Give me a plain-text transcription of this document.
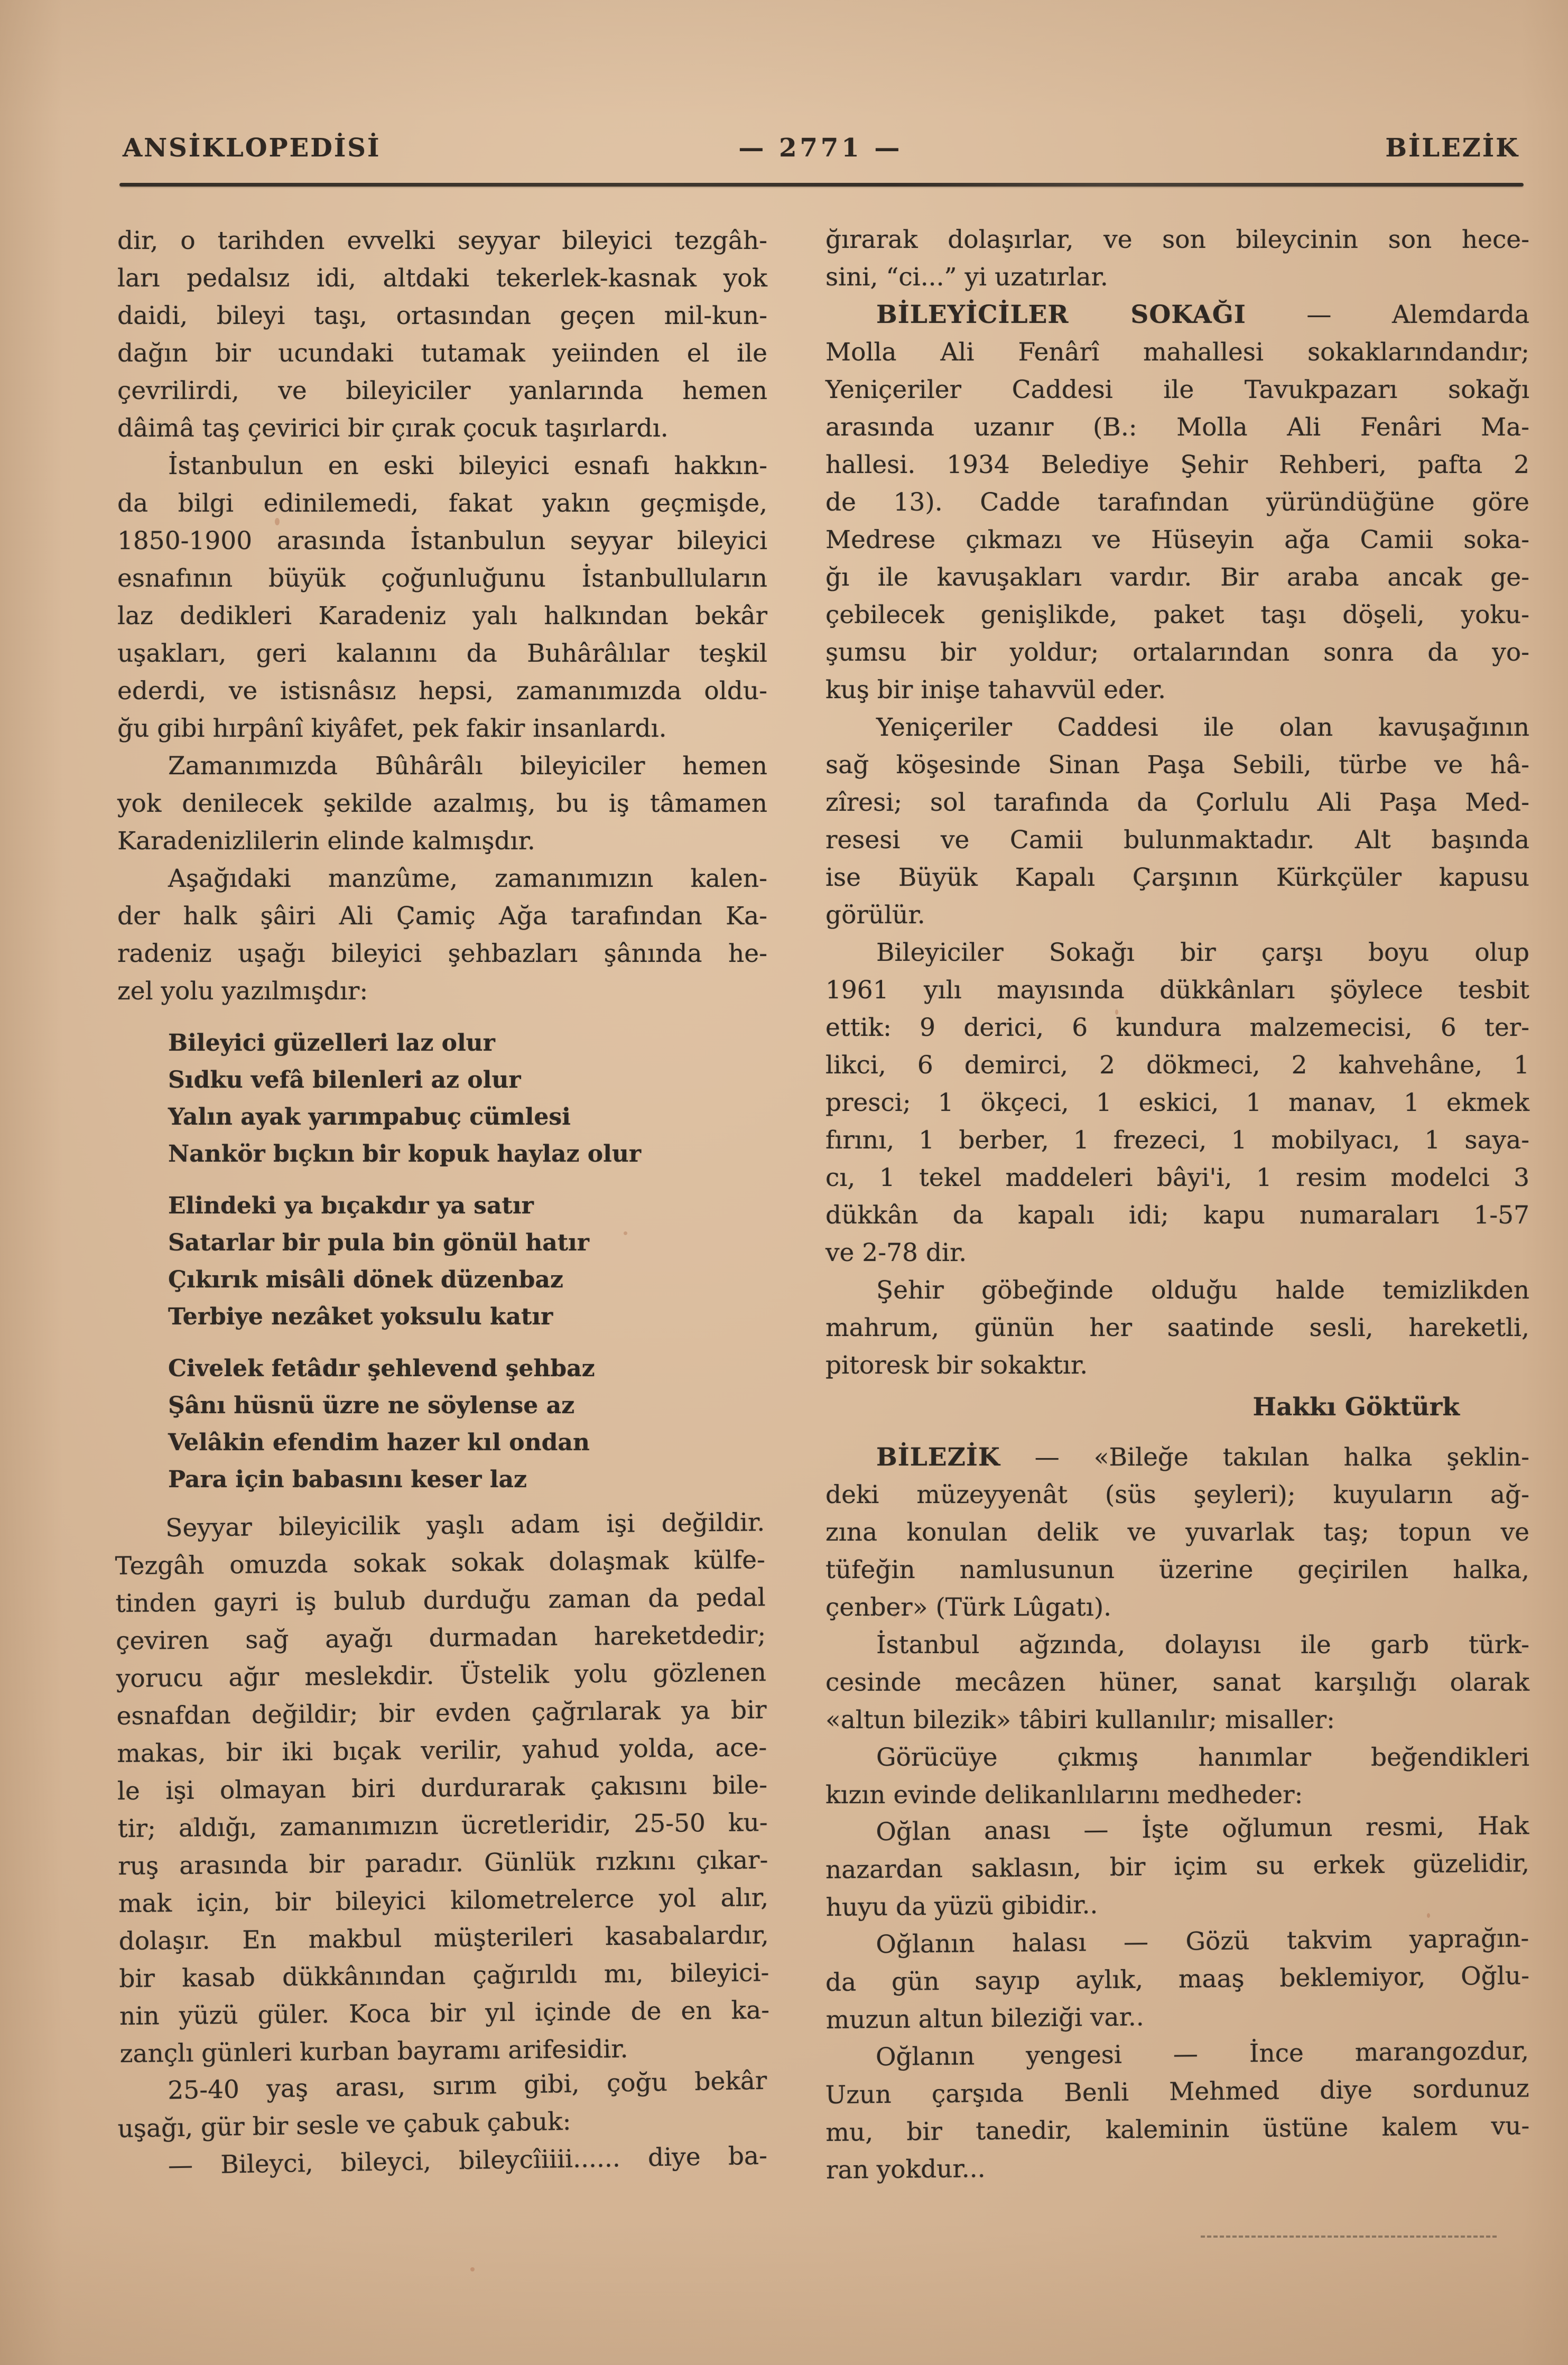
ANSİKLOPEDİSİ	— 2771 —	BİLEZİK

dir, o tarihden evvelki seyyar bileyici tezgâh-
ları pedalsız idi, altdaki tekerlek-kasnak yok
daidi, bileyi taşı, ortasından geçen mil-kun-
dağın bir ucundaki tutamak yeiinden el ile
çevrilirdi, ve bileyiciler yanlarında hemen
dâimâ taş çevirici bir çırak çocuk taşırlardı.

İstanbulun en eski bileyici esnafı hakkın-
da bilgi edinilemedi, fakat yakın geçmişde,
1850-1900 arasında İstanbulun seyyar bileyici
esnafının büyük çoğunluğunu İstanbulluların
laz dedikleri Karadeniz yalı halkından bekâr
uşakları, geri kalanını da Buhârâlılar teşkil
ederdi, ve istisnâsız hepsi, zamanımızda oldu-
ğu gibi hırpânî kiyâfet, pek fakir insanlardı.

Zamanımızda Bûhârâlı bileyiciler hemen
yok denilecek şekilde azalmış, bu iş tâmamen
Karadenizlilerin elinde kalmışdır.

Aşağıdaki manzûme, zamanımızın kalen-
der halk şâiri Ali Çamiç Ağa tarafından Ka-
radeniz uşağı bileyici şehbazları şânında he-
zel yolu yazılmışdır:

Bileyici güzelleri laz olur
Sıdku vefâ bilenleri az olur
Yalın ayak yarımpabuç cümlesi
Nankör bıçkın bir kopuk haylaz olur

Elindeki ya bıçakdır ya satır
Satarlar bir pula bin gönül hatır
Çıkırık misâli dönek düzenbaz
Terbiye nezâket yoksulu katır

Civelek fetâdır şehlevend şehbaz
Şânı hüsnü üzre ne söylense az
Velâkin efendim hazer kıl ondan
Para için babasını keser laz

Seyyar bileyicilik yaşlı adam işi değildir.
Tezgâh omuzda sokak sokak dolaşmak külfe-
tinden gayri iş bulub durduğu zaman da pedal
çeviren sağ ayağı durmadan hareketdedir;
yorucu ağır meslekdir. Üstelik yolu gözlenen
esnafdan değildir; bir evden çağrılarak ya bir
makas, bir iki bıçak verilir, yahud yolda, ace-
le işi olmayan biri durdurarak çakısını bile-
tir; aldığı, zamanımızın ücretleridir, 25-50 ku-
ruş arasında bir paradır. Günlük rızkını çıkar-
mak için, bir bileyici kilometrelerce yol alır,
dolaşır. En makbul müşterileri kasabalardır,
bir kasab dükkânından çağırıldı mı, bileyici-
nin yüzü güler. Koca bir yıl içinde de en ka-
zançlı günleri kurban bayramı arifesidir.

25-40 yaş arası, sırım gibi, çoğu bekâr
uşağı, gür bir sesle ve çabuk çabuk:

— Bileyci, bileyci, bileycîiiii...... diye ba-

ğırarak dolaşırlar, ve son bileycinin son hece-
sini, “ci...” yi uzatırlar.

BİLEYİCİLER SOKAĞI — Alemdarda
Molla Ali Fenârî mahallesi sokaklarındandır;
Yeniçeriler Caddesi ile Tavukpazarı sokağı
arasında uzanır (B.: Molla Ali Fenâri Ma-
hallesi. 1934 Belediye Şehir Rehberi, pafta 2
de 13). Cadde tarafından yüründüğüne göre
Medrese çıkmazı ve Hüseyin ağa Camii soka-
ğı ile kavuşakları vardır. Bir araba ancak ge-
çebilecek genişlikde, paket taşı döşeli, yoku-
şumsu bir yoldur; ortalarından sonra da yo-
kuş bir inişe tahavvül eder.

Yeniçeriler Caddesi ile olan kavuşağının
sağ köşesinde Sinan Paşa Sebili, türbe ve hâ-
zîresi; sol tarafında da Çorlulu Ali Paşa Med-
resesi ve Camii bulunmaktadır. Alt başında
ise Büyük Kapalı Çarşının Kürkçüler kapusu
görülür.

Bileyiciler Sokağı bir çarşı boyu olup
1961 yılı mayısında dükkânları şöylece tesbit
ettik: 9 derici, 6 kundura malzemecisi, 6 ter-
likci, 6 demirci, 2 dökmeci, 2 kahvehâne, 1
presci; 1 ökçeci, 1 eskici, 1 manav, 1 ekmek
fırını, 1 berber, 1 frezeci, 1 mobilyacı, 1 saya-
cı, 1 tekel maddeleri bâyi'i, 1 resim modelci 3
dükkân da kapalı idi; kapu numaraları 1-57
ve 2-78 dir.

Şehir göbeğinde olduğu halde temizlikden
mahrum, günün her saatinde sesli, hareketli,
pitoresk bir sokaktır.

Hakkı Göktürk

BİLEZİK — «Bileğe takılan halka şeklin-
deki müzeyyenât (süs şeyleri); kuyuların ağ-
zına konulan delik ve yuvarlak taş; topun ve
tüfeğin namlusunun üzerine geçirilen halka,
çenber» (Türk Lûgatı).

İstanbul ağzında, dolayısı ile garb türk-
cesinde mecâzen hüner, sanat karşılığı olarak
«altun bilezik» tâbiri kullanılır; misaller:

Görücüye çıkmış hanımlar beğendikleri
kızın evinde delikanlılarını medheder:

Oğlan anası — İşte oğlumun resmi, Hak
nazardan saklasın, bir içim su erkek güzelidir,
huyu da yüzü gibidir..

Oğlanın halası — Gözü takvim yaprağın-
da gün sayıp aylık, maaş beklemiyor, Oğlu-
muzun altun bileziği var..

Oğlanın yengesi — İnce marangozdur,
Uzun çarşıda Benli Mehmed diye sordunuz
mu, bir tanedir, kaleminin üstüne kalem vu-
ran yokdur...
